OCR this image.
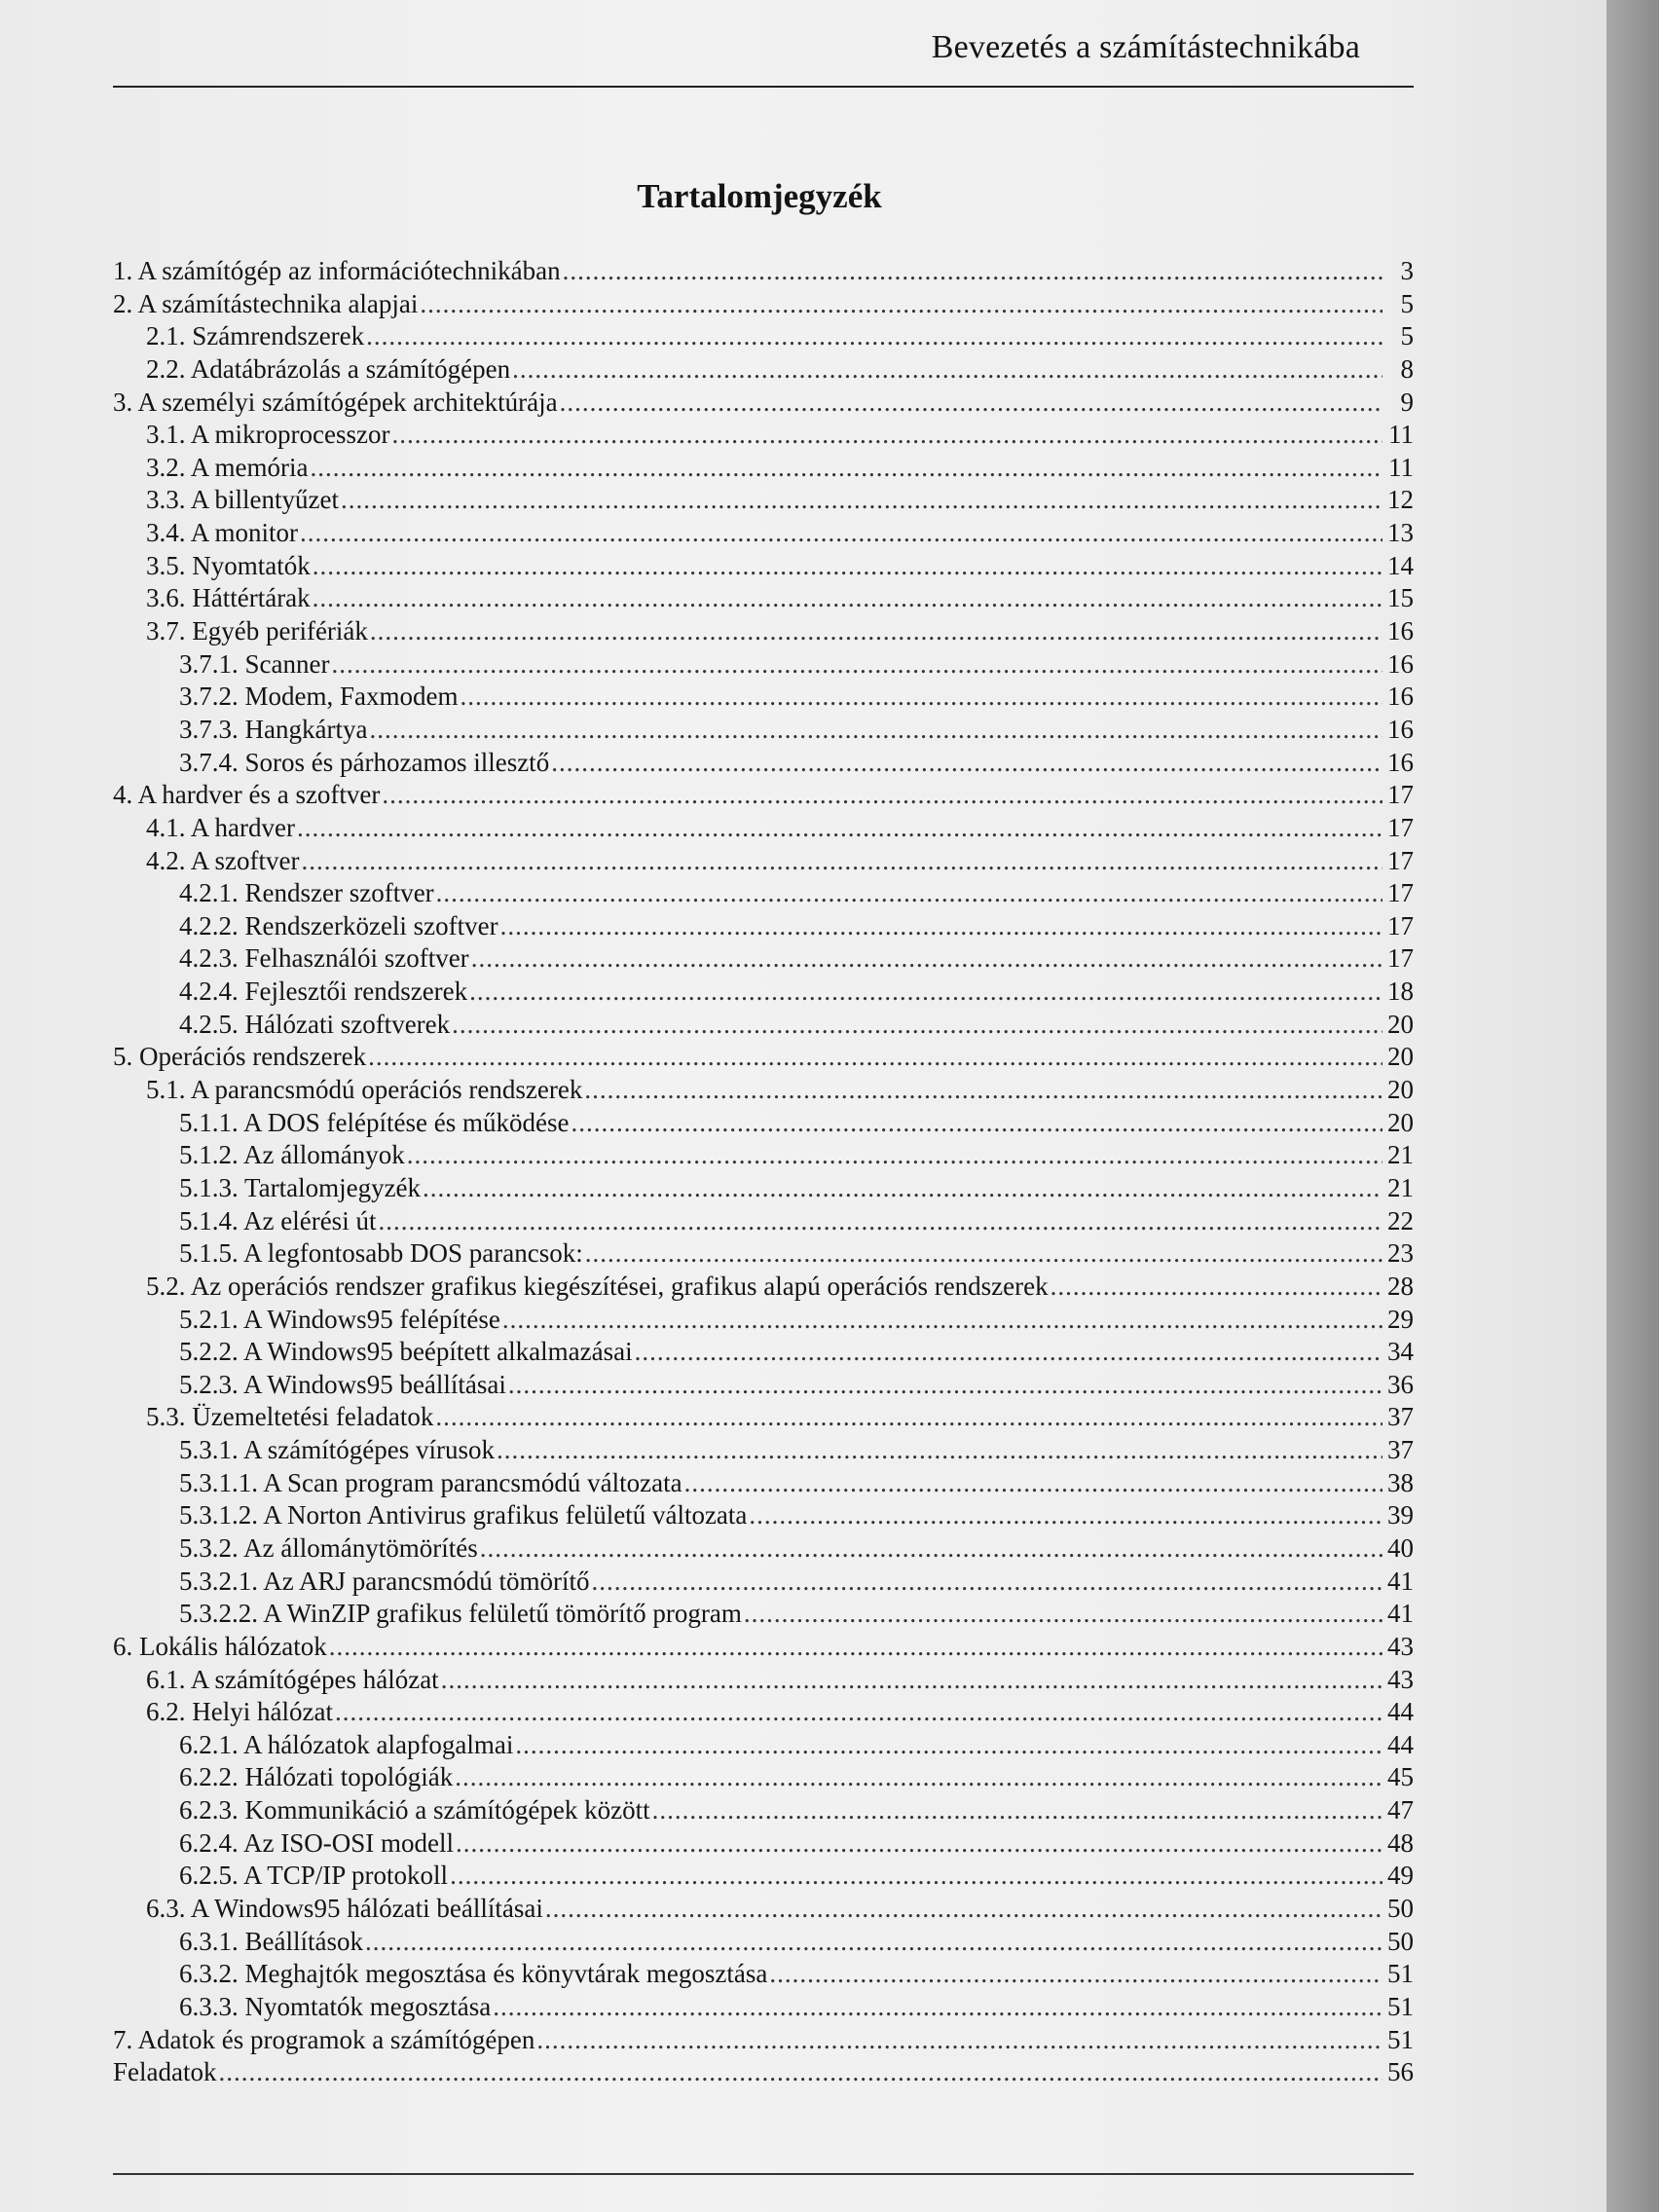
Bevezetés a számítástechnikába
Tartalomjegyzék
1. A számítógép az információtechnikában .....	3
2. A számítástechnika alapjai .....	5
2.1. Számrendszerek .....	5
2.2. Adatábrázolás a számítógépen .....	8
3. A személyi számítógépek architektúrája .....	9
3.1. A mikroprocesszor .....	11
3.2. A memória .....	11
3.3. A billentyűzet .....	12
3.4. A monitor .....	13
3.5. Nyomtatók .....	14
3.6. Háttértárak .....	15
3.7. Egyéb perifériák .....	16
3.7.1. Scanner .....	16
3.7.2. Modem, Faxmodem .....	16
3.7.3. Hangkártya .....	16
3.7.4. Soros és párhozamos illesztő .....	16
4. A hardver és a szoftver .....	17
4.1. A hardver .....	17
4.2. A szoftver .....	17
4.2.1. Rendszer szoftver .....	17
4.2.2. Rendszerközeli szoftver .....	17
4.2.3. Felhasználói szoftver .....	17
4.2.4. Fejlesztői rendszerek .....	18
4.2.5. Hálózati szoftverek .....	20
5. Operációs rendszerek .....	20
5.1. A parancsmódú operációs rendszerek .....	20
5.1.1. A DOS felépítése és működése .....	20
5.1.2. Az állományok .....	21
5.1.3. Tartalomjegyzék .....	21
5.1.4. Az elérési út .....	22
5.1.5. A legfontosabb DOS parancsok: .....	23
5.2. Az operációs rendszer grafikus kiegészítései, grafikus alapú operációs rendszerek .....	28
5.2.1. A Windows95 felépítése .....	29
5.2.2. A Windows95 beépített alkalmazásai .....	34
5.2.3. A Windows95 beállításai .....	36
5.3. Üzemeltetési feladatok .....	37
5.3.1. A számítógépes vírusok .....	37
5.3.1.1. A Scan program parancsmódú változata .....	38
5.3.1.2. A Norton Antivirus grafikus felületű változata .....	39
5.3.2. Az állománytömörítés .....	40
5.3.2.1. Az ARJ parancsmódú tömörítő .....	41
5.3.2.2. A WinZIP grafikus felületű tömörítő program .....	41
6. Lokális hálózatok .....	43
6.1. A számítógépes hálózat .....	43
6.2. Helyi hálózat .....	44
6.2.1. A hálózatok alapfogalmai .....	44
6.2.2. Hálózati topológiák .....	45
6.2.3. Kommunikáció a számítógépek között .....	47
6.2.4. Az ISO-OSI modell .....	48
6.2.5. A TCP/IP protokoll .....	49
6.3. A Windows95 hálózati beállításai .....	50
6.3.1. Beállítások .....	50
6.3.2. Meghajtók megosztása és könyvtárak megosztása .....	51
6.3.3. Nyomtatók megosztása .....	51
7. Adatok és programok a számítógépen .....	51
Feladatok .....	56
